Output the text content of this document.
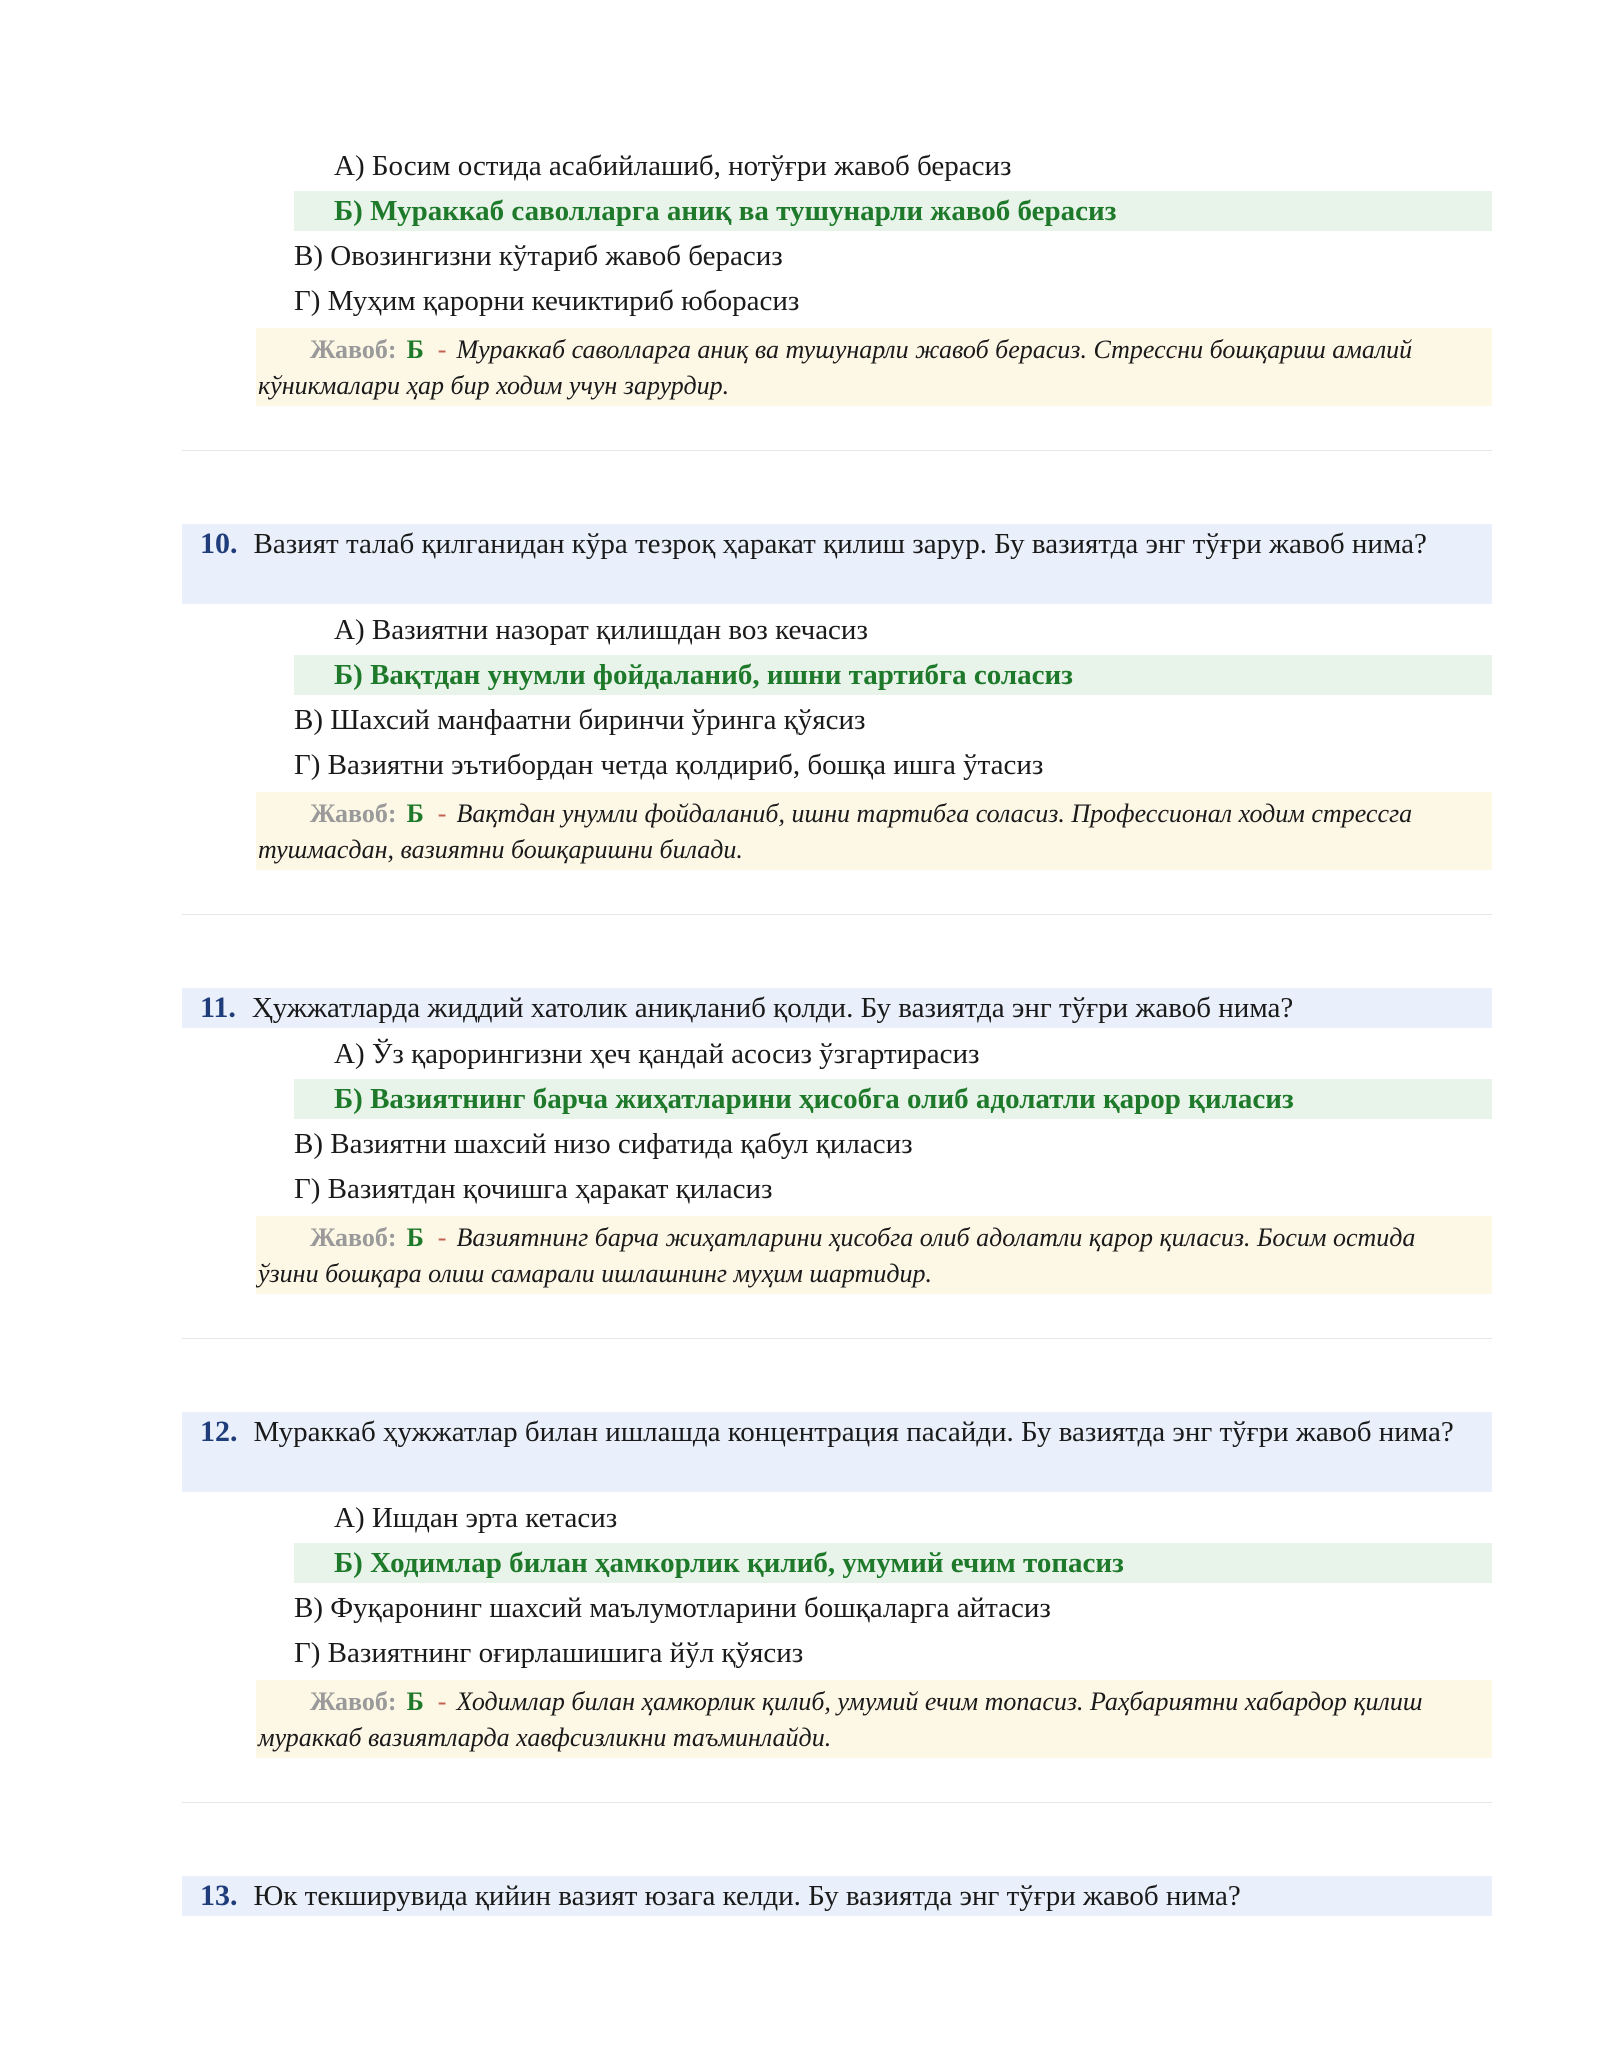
А) Босим остида асабийлашиб, нотўғри жавоб берасиз
Б) Мураккаб саволларга аниқ ва тушунарли жавоб берасиз
В) Овозингизни кўтариб жавоб берасиз
Г) Муҳим қарорни кечиктириб юборасиз
Жавоб: Б - Мураккаб саволларга аниқ ва тушунарли жавоб берасиз. Стрессни бошқариш амалий кўникмалари ҳар бир ходим учун зарурдир.
10. Вазият талаб қилганидан кўра тезроқ ҳаракат қилиш зарур. Бу вазиятда энг тўғри жавоб нима?
А) Вазиятни назорат қилишдан воз кечасиз
Б) Вақтдан унумли фойдаланиб, ишни тартибга соласиз
В) Шахсий манфаатни биринчи ўринга қўясиз
Г) Вазиятни эътибордан четда қолдириб, бошқа ишга ўтасиз
Жавоб: Б - Вақтдан унумли фойдаланиб, ишни тартибга соласиз. Профессионал ходим стрессга тушмасдан, вазиятни бошқаришни билади.
11. Ҳужжатларда жиддий хатолик аниқланиб қолди. Бу вазиятда энг тўғри жавоб нима?
А) Ўз қарорингизни ҳеч қандай асосиз ўзгартирасиз
Б) Вазиятнинг барча жиҳатларини ҳисобга олиб адолатли қарор қиласиз
В) Вазиятни шахсий низо сифатида қабул қиласиз
Г) Вазиятдан қочишга ҳаракат қиласиз
Жавоб: Б - Вазиятнинг барча жиҳатларини ҳисобга олиб адолатли қарор қиласиз. Босим остида ўзини бошқара олиш самарали ишлашнинг муҳим шартидир.
12. Мураккаб ҳужжатлар билан ишлашда концентрация пасайди. Бу вазиятда энг тўғри жавоб нима?
А) Ишдан эрта кетасиз
Б) Ходимлар билан ҳамкорлик қилиб, умумий ечим топасиз
В) Фуқаронинг шахсий маълумотларини бошқаларга айтасиз
Г) Вазиятнинг оғирлашишига йўл қўясиз
Жавоб: Б - Ходимлар билан ҳамкорлик қилиб, умумий ечим топасиз. Раҳбариятни хабардор қилиш мураккаб вазиятларда хавфсизликни таъминлайди.
13. Юк текширувида қийин вазият юзага келди. Бу вазиятда энг тўғри жавоб нима?
